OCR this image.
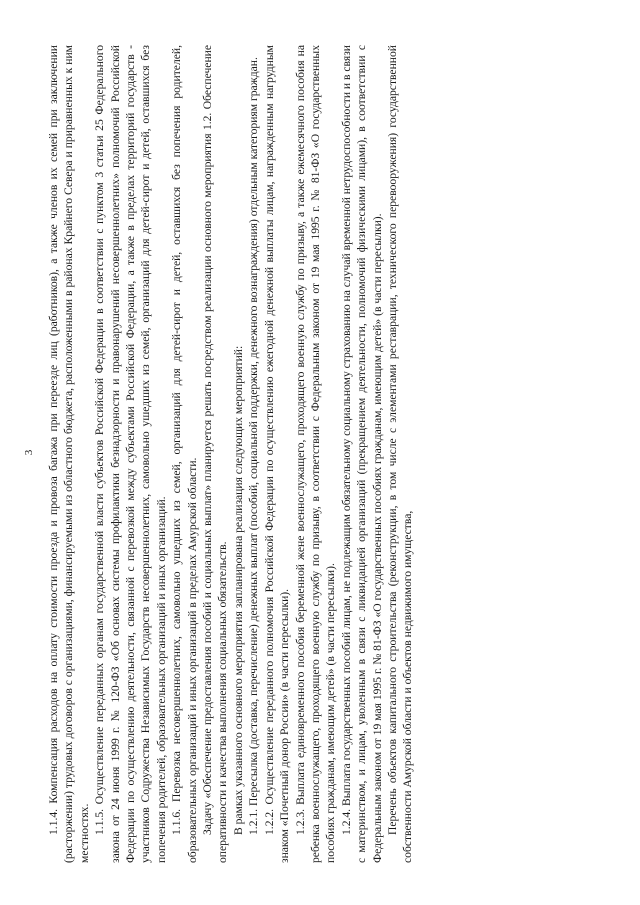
3 1.1.4. Компенсация расходов на оплату стоимости проезда и провоза багажа при переезде лиц (работников), а также членов их семей при заключении (расторжении) трудовых договоров с организациями, финансируемыми из областного бюджета, расположенными в районах Крайнего Севера и приравненных к ним местностях. 1.1.5. Осуществление переданных органам государственной власти субъектов Российской Федерации в соответствии с пунктом 3 статьи 25 Федерального закона от 24 июня 1999 г. № 120-ФЗ «Об основах системы профилактики безнадзорности и правонарушений несовершеннолетних» полномочий Российской Федерации по осуществлению деятельности, связанной с перевозкой между субъектами Российской Федерации, а также в пределах территорий государств - участников Содружества Независимых Государств несовершеннолетних, самовольно ушедших из семей, организаций для детей-сирот и детей, оставшихся без попечения родителей, образовательных организаций и иных организаций. 1.1.6. Перевозка несовершеннолетних, самовольно ушедших из семей, организаций для детей-сирот и детей, оставшихся без попечения родителей, образовательных организаций и иных организаций в пределах Амурской области. Задачу «Обеспечение предоставления пособий и социальных выплат» планируется решать посредством реализации основного мероприятия 1.2. Обеспечение оперативности и качества выполнения социальных обязательств. В рамках указанного основного мероприятия запланирована реализация следующих мероприятий: 1.2.1. Пересылка (доставка, перечисление) денежных выплат (пособий, социальной поддержки, денежного вознаграждения) отдельным категориям граждан. 1.2.2. Осуществление переданного полномочия Российской Федерации по осуществлению ежегодной денежной выплаты лицам, награжденным нагрудным знаком «Почетный донор России» (в части пересылки). 1.2.3. Выплата единовременного пособия беременной жене военнослужащего, проходящего военную службу по призыву, а также ежемесячного пособия на ребенка военнослужащего, проходящего военную службу по призыву, в соответствии с Федеральным законом от 19 мая 1995 г. № 81-ФЗ «О государственных пособиях гражданам, имеющим детей» (в части пересылки). 1.2.4. Выплата государственных пособий лицам, не подлежащим обязательному социальному страхованию на случай временной нетрудоспособности и в связи с материнством, и лицам, уволенным в связи с ликвидацией организаций (прекращением деятельности, полномочий физическими лицами), в соответствии с Федеральным законом от 19 мая 1995 г. № 81-ФЗ «О государственных пособиях гражданам, имеющим детей» (в части пересылки). Перечень объектов капитального строительства (реконструкции, в том числе с элементами реставрации, технического перевооружения) государственной собственности Амурской области и объектов недвижимого имущества,
